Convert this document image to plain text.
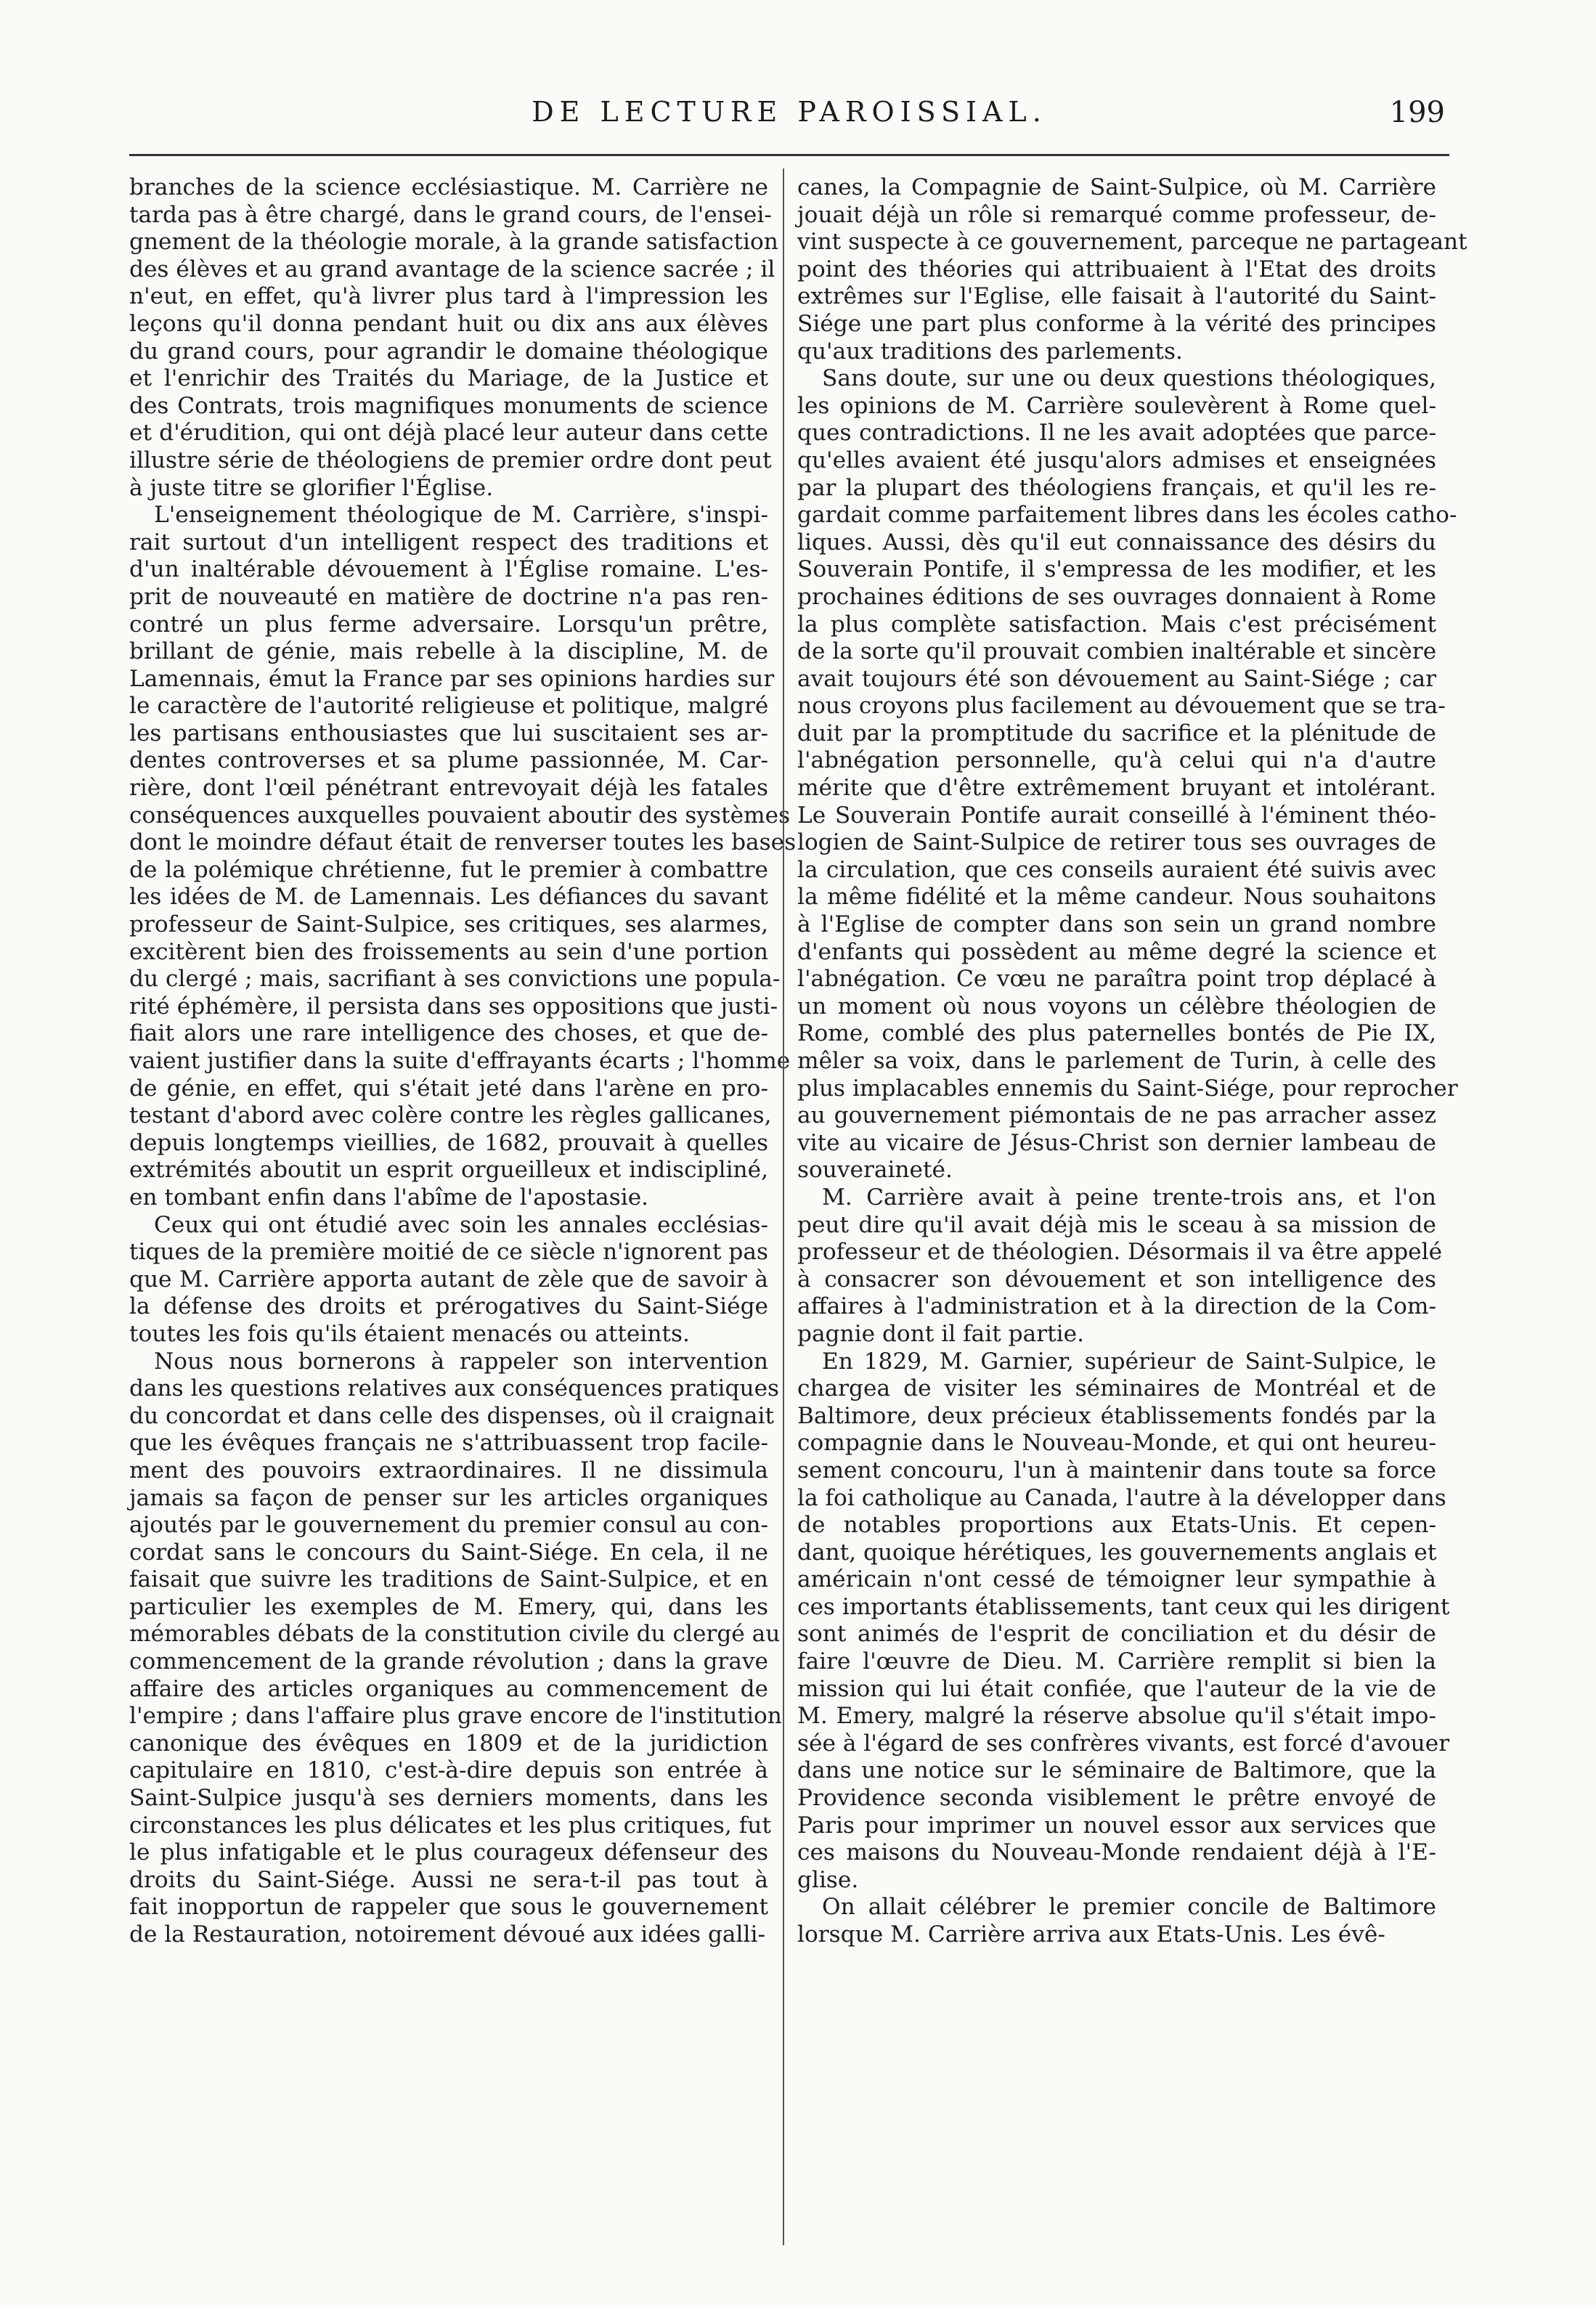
DE LECTURE PAROISSIAL.	199
branches de la science ecclésiastique. M. Carrière ne
tarda pas à être chargé, dans le grand cours, de l'ensei-
gnement de la théologie morale, à la grande satisfaction
des élèves et au grand avantage de la science sacrée ; il
n'eut, en effet, qu'à livrer plus tard à l'impression les
leçons qu'il donna pendant huit ou dix ans aux élèves
du grand cours, pour agrandir le domaine théologique
et l'enrichir des Traités du Mariage, de la Justice et
des Contrats, trois magnifiques monuments de science
et d'érudition, qui ont déjà placé leur auteur dans cette
illustre série de théologiens de premier ordre dont peut
à juste titre se glorifier l'Église.
L'enseignement théologique de M. Carrière, s'inspi-
rait surtout d'un intelligent respect des traditions et
d'un inaltérable dévouement à l'Église romaine. L'es-
prit de nouveauté en matière de doctrine n'a pas ren-
contré un plus ferme adversaire. Lorsqu'un prêtre,
brillant de génie, mais rebelle à la discipline, M. de
Lamennais, émut la France par ses opinions hardies sur
le caractère de l'autorité religieuse et politique, malgré
les partisans enthousiastes que lui suscitaient ses ar-
dentes controverses et sa plume passionnée, M. Car-
rière, dont l'œil pénétrant entrevoyait déjà les fatales
conséquences auxquelles pouvaient aboutir des systèmes
dont le moindre défaut était de renverser toutes les bases
de la polémique chrétienne, fut le premier à combattre
les idées de M. de Lamennais. Les défiances du savant
professeur de Saint-Sulpice, ses critiques, ses alarmes,
excitèrent bien des froissements au sein d'une portion
du clergé ; mais, sacrifiant à ses convictions une popula-
rité éphémère, il persista dans ses oppositions que justi-
fiait alors une rare intelligence des choses, et que de-
vaient justifier dans la suite d'effrayants écarts ; l'homme
de génie, en effet, qui s'était jeté dans l'arène en pro-
testant d'abord avec colère contre les règles gallicanes,
depuis longtemps vieillies, de 1682, prouvait à quelles
extrémités aboutit un esprit orgueilleux et indiscipliné,
en tombant enfin dans l'abîme de l'apostasie.
Ceux qui ont étudié avec soin les annales ecclésias-
tiques de la première moitié de ce siècle n'ignorent pas
que M. Carrière apporta autant de zèle que de savoir à
la défense des droits et prérogatives du Saint-Siége
toutes les fois qu'ils étaient menacés ou atteints.
Nous nous bornerons à rappeler son intervention
dans les questions relatives aux conséquences pratiques
du concordat et dans celle des dispenses, où il craignait
que les évêques français ne s'attribuassent trop facile-
ment des pouvoirs extraordinaires. Il ne dissimula
jamais sa façon de penser sur les articles organiques
ajoutés par le gouvernement du premier consul au con-
cordat sans le concours du Saint-Siége. En cela, il ne
faisait que suivre les traditions de Saint-Sulpice, et en
particulier les exemples de M. Emery, qui, dans les
mémorables débats de la constitution civile du clergé au
commencement de la grande révolution ; dans la grave
affaire des articles organiques au commencement de
l'empire ; dans l'affaire plus grave encore de l'institution
canonique des évêques en 1809 et de la juridiction
capitulaire en 1810, c'est-à-dire depuis son entrée à
Saint-Sulpice jusqu'à ses derniers moments, dans les
circonstances les plus délicates et les plus critiques, fut
le plus infatigable et le plus courageux défenseur des
droits du Saint-Siége. Aussi ne sera-t-il pas tout à
fait inopportun de rappeler que sous le gouvernement
de la Restauration, notoirement dévoué aux idées galli-
canes, la Compagnie de Saint-Sulpice, où M. Carrière
jouait déjà un rôle si remarqué comme professeur, de-
vint suspecte à ce gouvernement, parceque ne partageant
point des théories qui attribuaient à l'Etat des droits
extrêmes sur l'Eglise, elle faisait à l'autorité du Saint-
Siége une part plus conforme à la vérité des principes
qu'aux traditions des parlements.
Sans doute, sur une ou deux questions théologiques,
les opinions de M. Carrière soulevèrent à Rome quel-
ques contradictions. Il ne les avait adoptées que parce-
qu'elles avaient été jusqu'alors admises et enseignées
par la plupart des théologiens français, et qu'il les re-
gardait comme parfaitement libres dans les écoles catho-
liques. Aussi, dès qu'il eut connaissance des désirs du
Souverain Pontife, il s'empressa de les modifier, et les
prochaines éditions de ses ouvrages donnaient à Rome
la plus complète satisfaction. Mais c'est précisément
de la sorte qu'il prouvait combien inaltérable et sincère
avait toujours été son dévouement au Saint-Siége ; car
nous croyons plus facilement au dévouement que se tra-
duit par la promptitude du sacrifice et la plénitude de
l'abnégation personnelle, qu'à celui qui n'a d'autre
mérite que d'être extrêmement bruyant et intolérant.
Le Souverain Pontife aurait conseillé à l'éminent théo-
logien de Saint-Sulpice de retirer tous ses ouvrages de
la circulation, que ces conseils auraient été suivis avec
la même fidélité et la même candeur. Nous souhaitons
à l'Eglise de compter dans son sein un grand nombre
d'enfants qui possèdent au même degré la science et
l'abnégation. Ce vœu ne paraîtra point trop déplacé à
un moment où nous voyons un célèbre théologien de
Rome, comblé des plus paternelles bontés de Pie IX,
mêler sa voix, dans le parlement de Turin, à celle des
plus implacables ennemis du Saint-Siége, pour reprocher
au gouvernement piémontais de ne pas arracher assez
vite au vicaire de Jésus-Christ son dernier lambeau de
souveraineté.
M. Carrière avait à peine trente-trois ans, et l'on
peut dire qu'il avait déjà mis le sceau à sa mission de
professeur et de théologien. Désormais il va être appelé
à consacrer son dévouement et son intelligence des
affaires à l'administration et à la direction de la Com-
pagnie dont il fait partie.
En 1829, M. Garnier, supérieur de Saint-Sulpice, le
chargea de visiter les séminaires de Montréal et de
Baltimore, deux précieux établissements fondés par la
compagnie dans le Nouveau-Monde, et qui ont heureu-
sement concouru, l'un à maintenir dans toute sa force
la foi catholique au Canada, l'autre à la développer dans
de notables proportions aux Etats-Unis. Et cepen-
dant, quoique hérétiques, les gouvernements anglais et
américain n'ont cessé de témoigner leur sympathie à
ces importants établissements, tant ceux qui les dirigent
sont animés de l'esprit de conciliation et du désir de
faire l'œuvre de Dieu. M. Carrière remplit si bien la
mission qui lui était confiée, que l'auteur de la vie de
M. Emery, malgré la réserve absolue qu'il s'était impo-
sée à l'égard de ses confrères vivants, est forcé d'avouer
dans une notice sur le séminaire de Baltimore, que la
Providence seconda visiblement le prêtre envoyé de
Paris pour imprimer un nouvel essor aux services que
ces maisons du Nouveau-Monde rendaient déjà à l'E-
glise.
On allait célébrer le premier concile de Baltimore
lorsque M. Carrière arriva aux Etats-Unis. Les évê-
